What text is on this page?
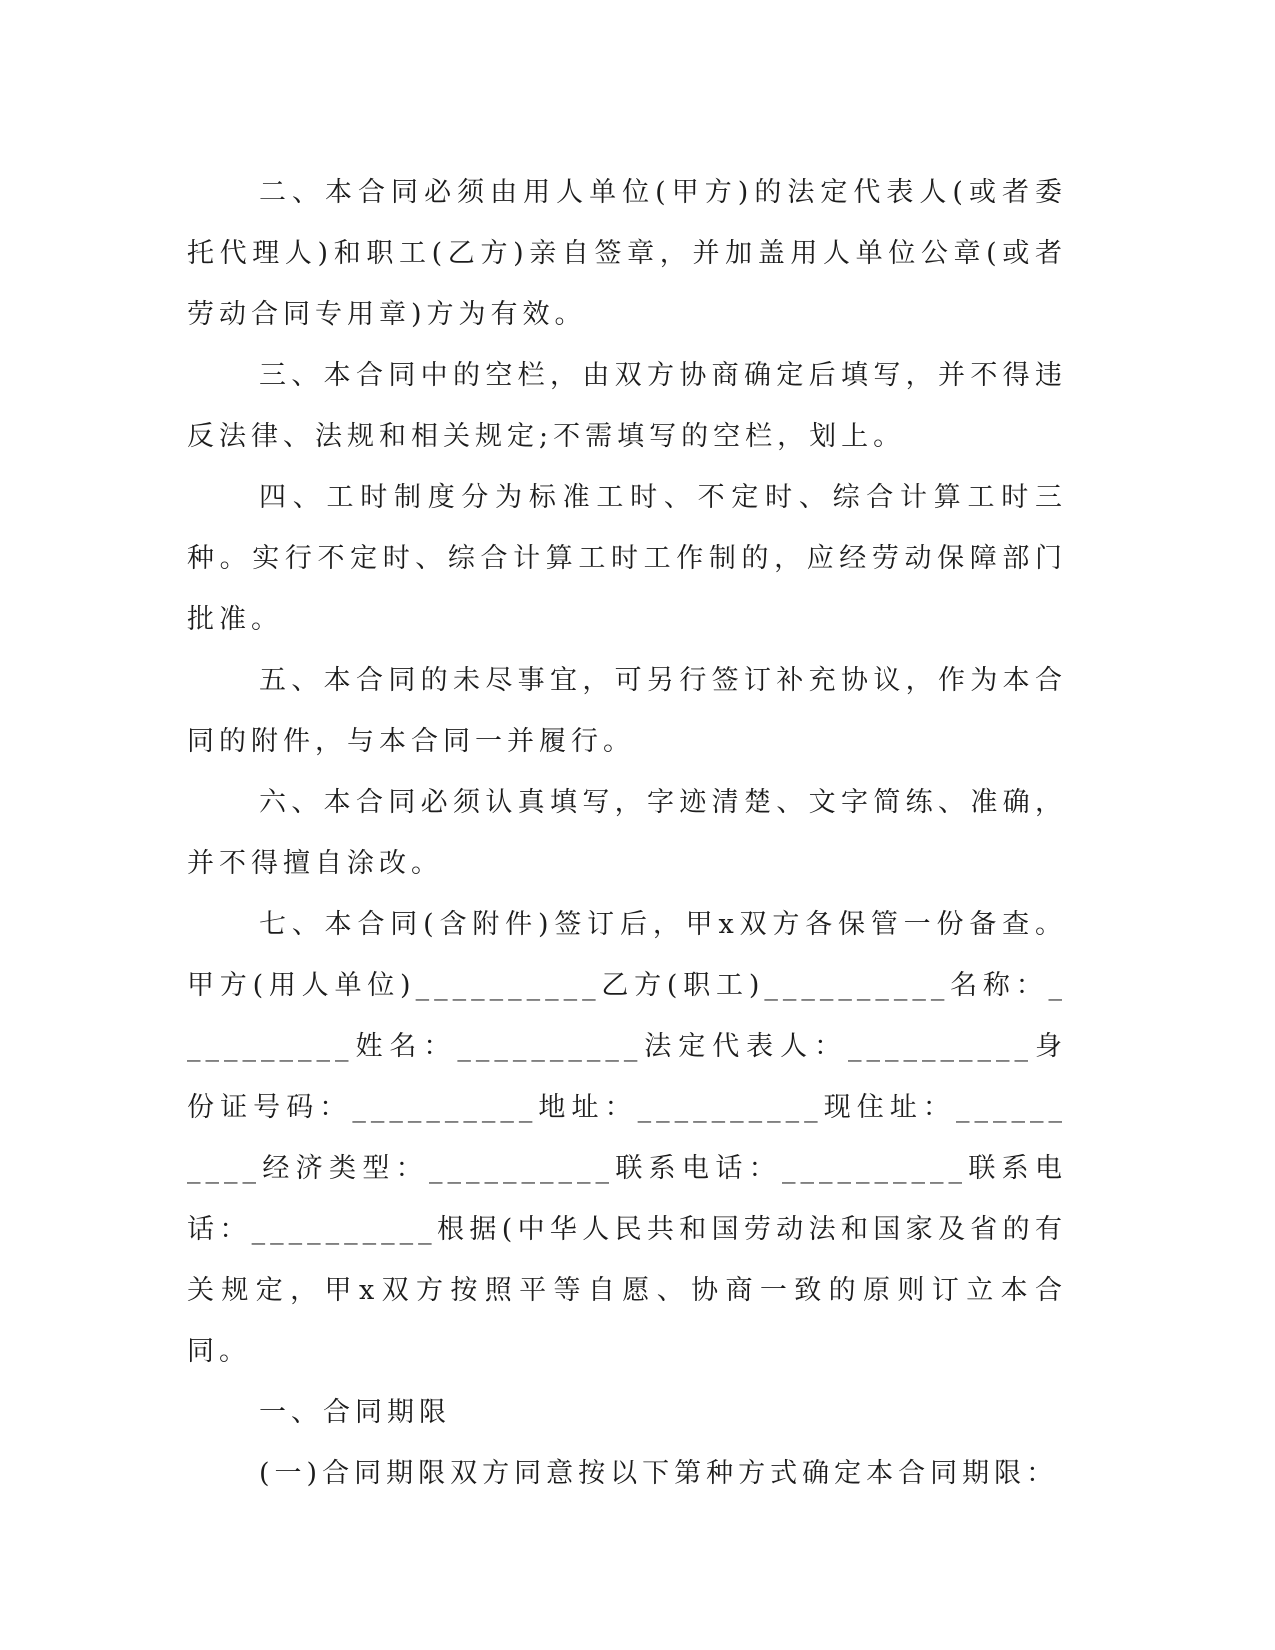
二、本合同必须由用人单位(甲方)的法定代表人(或者委托代理人)和职工(乙方)亲自签章，并加盖用人单位公章(或者劳动合同专用章)方为有效。

三、本合同中的空栏，由双方协商确定后填写，并不得违反法律、法规和相关规定;不需填写的空栏，划上。

四、工时制度分为标准工时、不定时、综合计算工时三种。实行不定时、综合计算工时工作制的，应经劳动保障部门批准。

五、本合同的未尽事宜，可另行签订补充协议，作为本合同的附件，与本合同一并履行。

六、本合同必须认真填写，字迹清楚、文字简练、准确，并不得擅自涂改。

七、本合同(含附件)签订后，甲x双方各保管一份备查。甲方(用人单位)__________乙方(职工)__________名称：__________姓名：__________法定代表人：__________身份证号码：__________地址：__________现住址：__________经济类型：__________联系电话：__________联系电话：__________根据(中华人民共和国劳动法和国家及省的有关规定，甲x双方按照平等自愿、协商一致的原则订立本合同。

一、合同期限

(一)合同期限双方同意按以下第种方式确定本合同期限：
